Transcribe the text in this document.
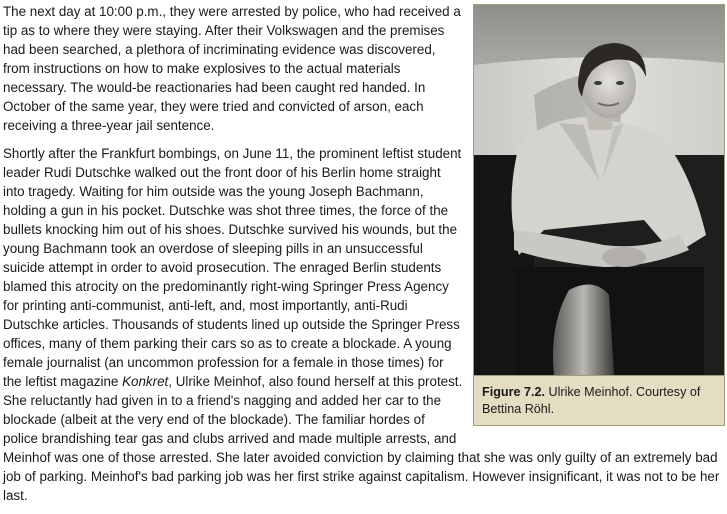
Figure 7.2. Ulrike Meinhof. Courtesy of Bettina Röhl.

The next day at 10:00 p.m., they were arrested by police, who had received a tip as to where they were staying. After their Volkswagen and the premises had been searched, a plethora of incriminating evidence was discovered, from instructions on how to make explosives to the actual materials necessary. The would-be reactionaries had been caught red handed. In October of the same year, they were tried and convicted of arson, each receiving a three-year jail sentence.

Shortly after the Frankfurt bombings, on June 11, the prominent leftist student leader Rudi Dutschke walked out the front door of his Berlin home straight into tragedy. Waiting for him outside was the young Joseph Bachmann, holding a gun in his pocket. Dutschke was shot three times, the force of the bullets knocking him out of his shoes. Dutschke survived his wounds, but the young Bachmann took an overdose of sleeping pills in an unsuccessful suicide attempt in order to avoid prosecution. The enraged Berlin students blamed this atrocity on the predominantly right-wing Springer Press Agency for printing anti-communist, anti-left, and, most importantly, anti-Rudi Dutschke articles. Thousands of students lined up outside the Springer Press offices, many of them parking their cars so as to create a blockade. A young female journalist (an uncommon profession for a female in those times) for the leftist magazine Konkret, Ulrike Meinhof, also found herself at this protest. She reluctantly had given in to a friend's nagging and added her car to the blockade (albeit at the very end of the blockade). The familiar hordes of police brandishing tear gas and clubs arrived and made multiple arrests, and Meinhof was one of those arrested. She later avoided conviction by claiming that she was only guilty of an extremely bad job of parking. Meinhof's bad parking job was her first strike against capitalism. However insignificant, it was not to be her last.
